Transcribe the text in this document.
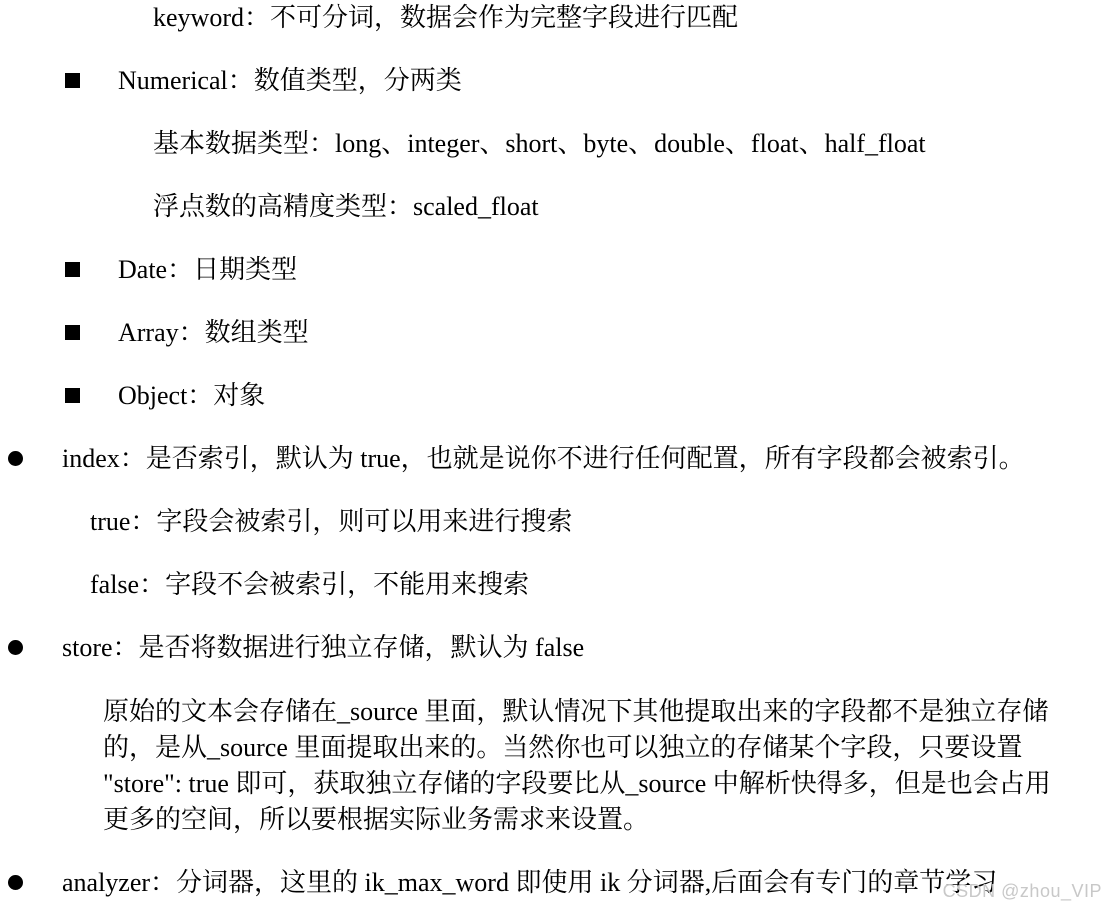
keyword：不可分词，数据会作为完整字段进行匹配
Numerical：数值类型，分两类
基本数据类型：long、integer、short、byte、double、float、half_float
浮点数的高精度类型：scaled_float
Date：日期类型
Array：数组类型
Object：对象
index：是否索引，默认为 true，也就是说你不进行任何配置，所有字段都会被索引。
true：字段会被索引，则可以用来进行搜索
false：字段不会被索引，不能用来搜索
store：是否将数据进行独立存储，默认为 false

原始的文本会存储在_source 里面，默认情况下其他提取出来的字段都不是独立存储

的，是从_source 里面提取出来的。当然你也可以独立的存储某个字段，只要设置

"store": true 即可，获取独立存储的字段要比从_source 中解析快得多，但是也会占用

更多的空间，所以要根据实际业务需求来设置。

analyzer：分词器，这里的 ik_max_word 即使用 ik 分词器,后面会有专门的章节学习
CSDN @zhou_VIP
